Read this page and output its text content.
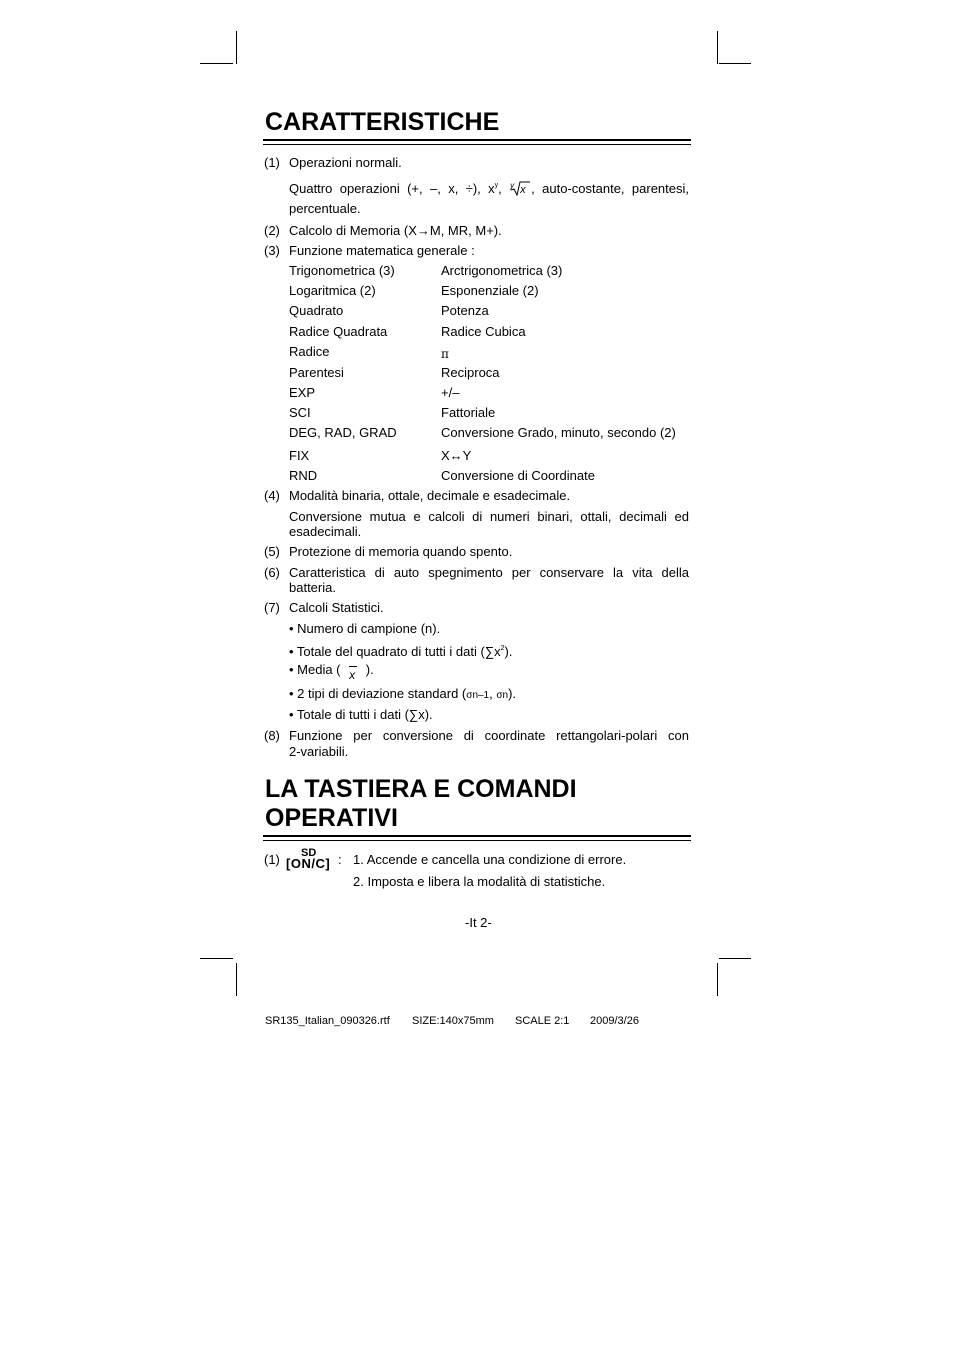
CARATTERISTICHE
(1) Operazioni normali.
Quattro operazioni (+, –, x, ÷), $x^y$, y x , auto-costante, parentesi,
percentuale.
(2) Calcolo di Memoria (X→M, MR, M+).
(3) Funzione matematica generale :
Trigonometrica (3)	Arctrigonometrica (3)
Logaritmica (2)	Esponenziale (2)
Quadrato	Potenza
Radice Quadrata	Radice Cubica
Radice	π
Parentesi	Reciproca
EXP	+/–
SCI	Fattoriale
DEG, RAD, GRAD	Conversione Grado, minuto, secondo (2)
FIX	X↔Y
RND	Conversione di Coordinate
(4) Modalità binaria, ottale, decimale e esadecimale.
Conversione mutua e calcoli di numeri binari, ottali, decimali ed
esadecimali.
(5) Protezione di memoria quando spento.
(6) Caratteristica di auto spegnimento per conservare la vita della
batteria.
(7) Calcoli Statistici.
• Numero di campione (n).
• Totale del quadrato di tutti i dati $(\sum x^2)$.
• Media ( x ).
• 2 tipi di deviazione standard (σn–1, σn).
• Totale di tutti i dati (∑x).
(8) Funzione per conversione di coordinate rettangolari-polari con
2-variabili.
LA TASTIERA E COMANDI
OPERATIVI
(1) SD
[ON/C] : 1. Accende e cancella una condizione di errore.
2. Imposta e libera la modalità di statistiche.
-It 2-
SR135_Italian_090326.rtf SIZE:140x75mm SCALE 2:1 2009/3/26
